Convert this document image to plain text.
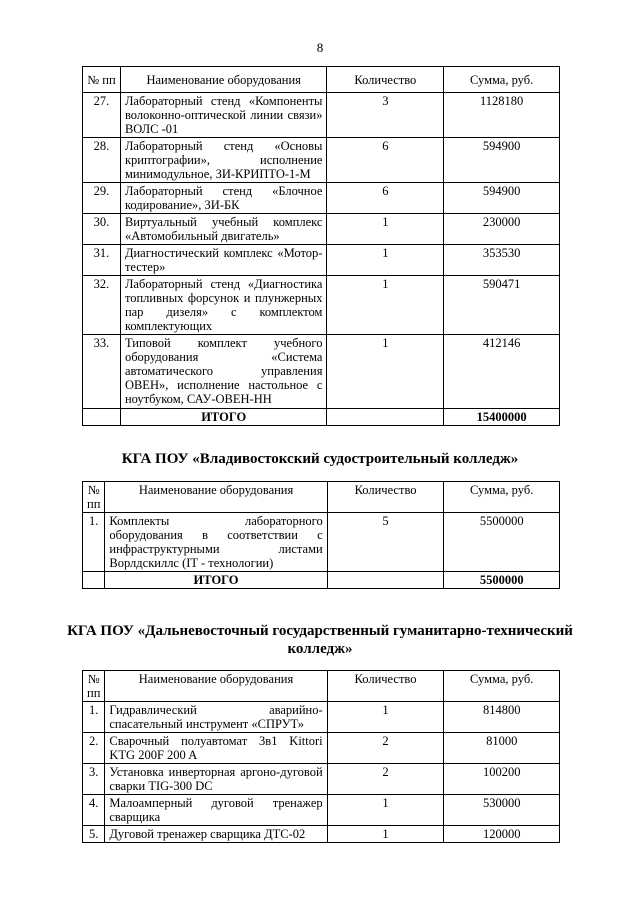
8
№ пп	Наименование оборудования	Количество	Сумма, руб.
27.	Лабораторный стенд «Компоненты волоконно-оптической линии связи» ВОЛС -01	3	1128180
28.	Лабораторный стенд «Основы криптографии», исполнение минимодульное, ЗИ-КРИПТО-1-М	6	594900
29.	Лабораторный стенд «Блочное кодирование», ЗИ-БК	6	594900
30.	Виртуальный учебный комплекс «Автомобильный двигатель»	1	230000
31.	Диагностический комплекс «Мотор-тестер»	1	353530
32.	Лабораторный стенд «Диагностика топливных форсунок и плунжерных пар дизеля» с комплектом комплектующих	1	590471
33.	Типовой комплект учебного оборудования «Система автоматического управления ОВЕН», исполнение настольное с ноутбуком, САУ-ОВЕН-НН	1	412146
	ИТОГО		15400000
КГА ПОУ «Владивостокский судостроительный колледж»
№ пп	Наименование оборудования	Количество	Сумма, руб.
1.	Комплекты лабораторного оборудования в соответствии с инфраструктурными листами Ворлдскиллс (IT - технологии)	5	5500000
	ИТОГО		5500000
КГА ПОУ «Дальневосточный государственный гуманитарно-технический
колледж»
№ пп	Наименование оборудования	Количество	Сумма, руб.
1.	Гидравлический аварийно-спасательный инструмент «СПРУТ»	1	814800
2.	Сварочный полуавтомат 3в1 Kittori KTG 200F 200 A	2	81000
3.	Установка инверторная аргоно-дуговой сварки TIG-300 DC	2	100200
4.	Малоамперный дуговой тренажер сварщика	1	530000
5.	Дуговой тренажер сварщика ДТС-02	1	120000
